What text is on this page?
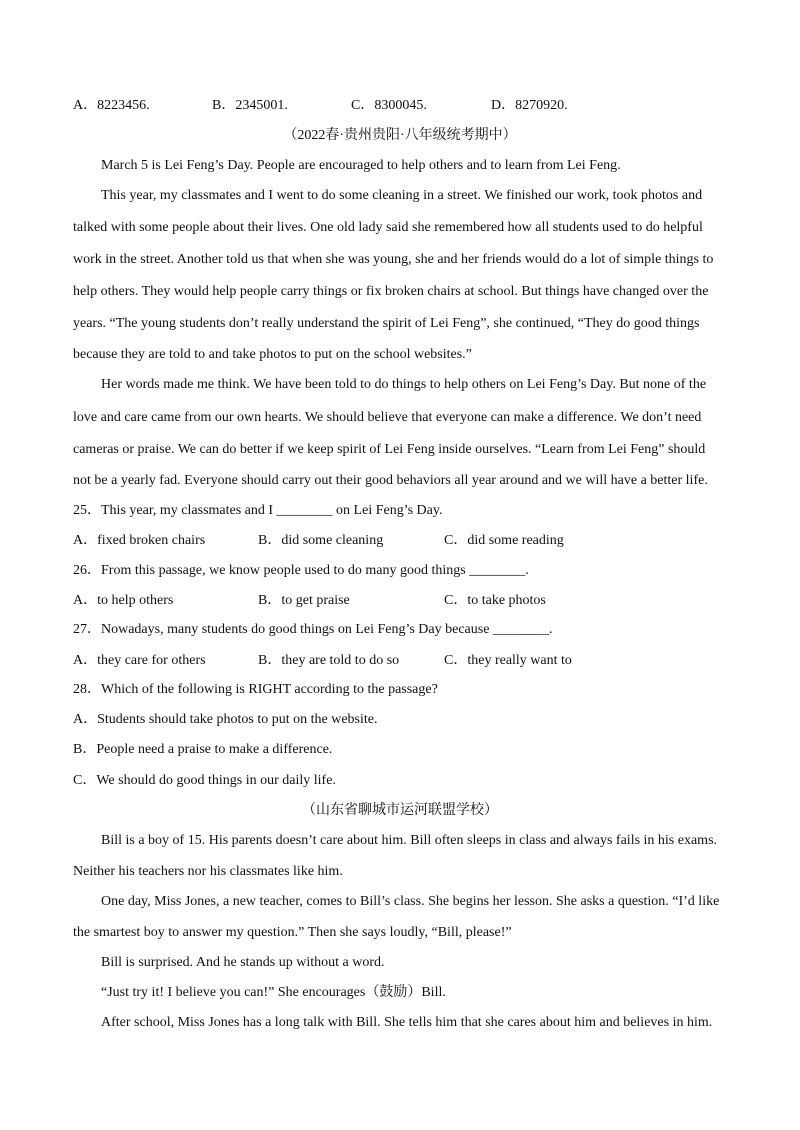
A．8223456.	B．2345001.	C．8300045.	D．8270920.
（2022春·贵州贵阳·八年级统考期中）
March 5 is Lei Feng’s Day. People are encouraged to help others and to learn from Lei Feng.
This year, my classmates and I went to do some cleaning in a street. We finished our work, took photos and
talked with some people about their lives. One old lady said she remembered how all students used to do helpful
work in the street. Another told us that when she was young, she and her friends would do a lot of simple things to
help others. They would help people carry things or fix broken chairs at school. But things have changed over the
years. “The young students don’t really understand the spirit of Lei Feng”, she continued, “They do good things
because they are told to and take photos to put on the school websites.”
Her words made me think. We have been told to do things to help others on Lei Feng’s Day. But none of the
love and care came from our own hearts. We should believe that everyone can make a difference. We don’t need
cameras or praise. We can do better if we keep spirit of Lei Feng inside ourselves. “Learn from Lei Feng” should
not be a yearly fad. Everyone should carry out their good behaviors all year around and we will have a better life.
25．This year, my classmates and I ________ on Lei Feng’s Day.
A．fixed broken chairs	B．did some cleaning	C．did some reading
26．From this passage, we know people used to do many good things ________.
A．to help others	B．to get praise	C．to take photos
27．Nowadays, many students do good things on Lei Feng’s Day because ________.
A．they care for others	B．they are told to do so	C．they really want to
28．Which of the following is RIGHT according to the passage?
A．Students should take photos to put on the website.
B．People need a praise to make a difference.
C．We should do good things in our daily life.
（山东省聊城市运河联盟学校）
Bill is a boy of 15. His parents doesn’t care about him. Bill often sleeps in class and always fails in his exams.
Neither his teachers nor his classmates like him.
One day, Miss Jones, a new teacher, comes to Bill’s class. She begins her lesson. She asks a question. “I’d like
the smartest boy to answer my question.” Then she says loudly, “Bill, please!”
Bill is surprised. And he stands up without a word.
“Just try it! I believe you can!” She encourages（鼓励）Bill.
After school, Miss Jones has a long talk with Bill. She tells him that she cares about him and believes in him.
